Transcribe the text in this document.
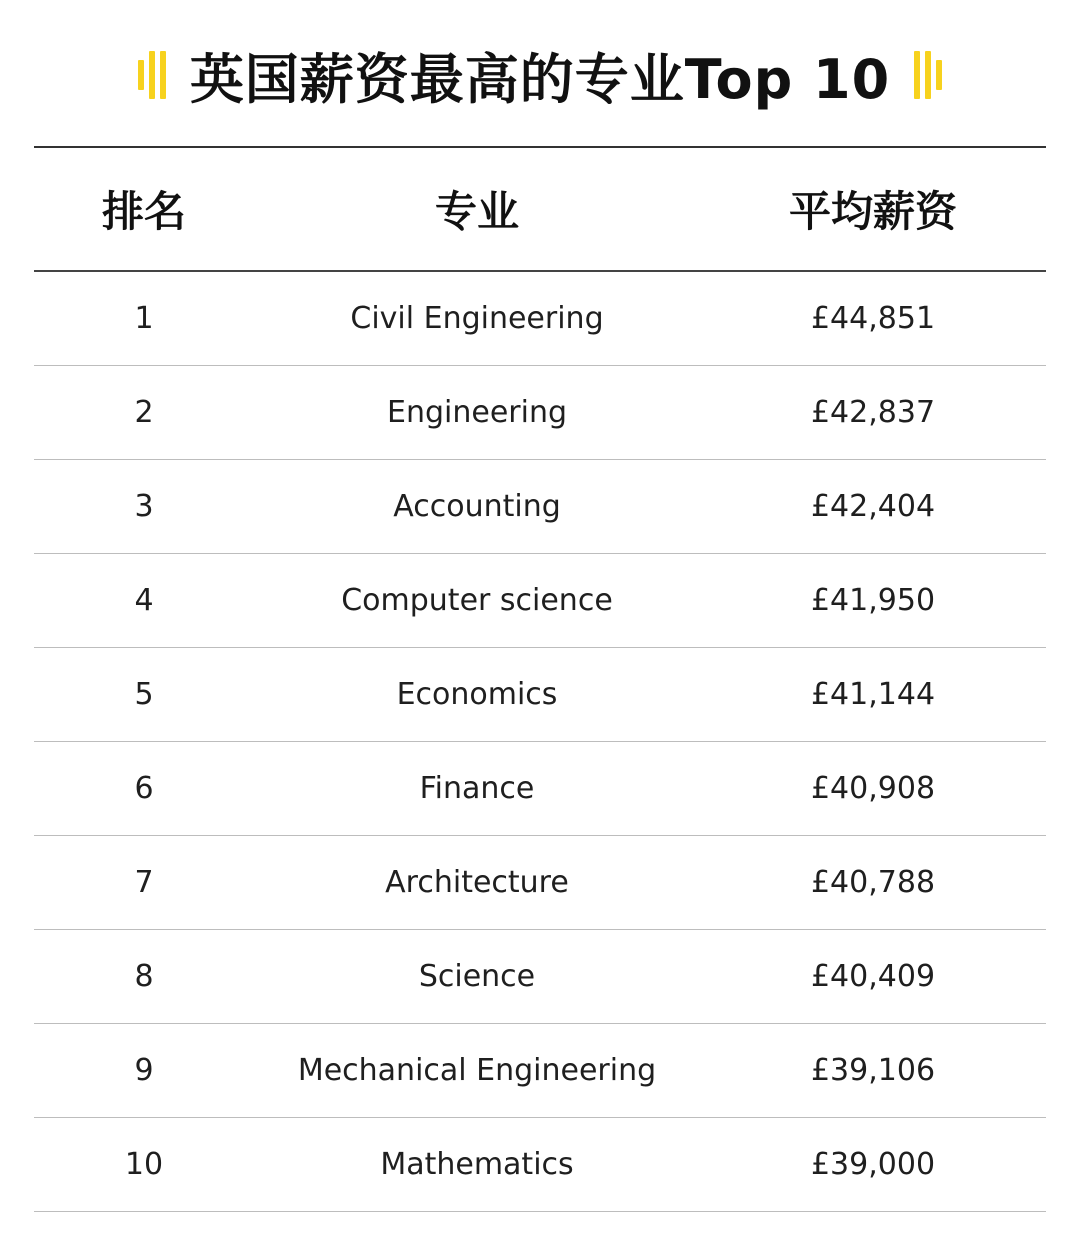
英国薪资最高的专业Top 10
排名	专业	平均薪资
1	Civil Engineering	£44,851
2	Engineering	£42,837
3	Accounting	£42,404
4	Computer science	£41,950
5	Economics	£41,144
6	Finance	£40,908
7	Architecture	£40,788
8	Science	£40,409
9	Mechanical Engineering	£39,106
10	Mathematics	£39,000
